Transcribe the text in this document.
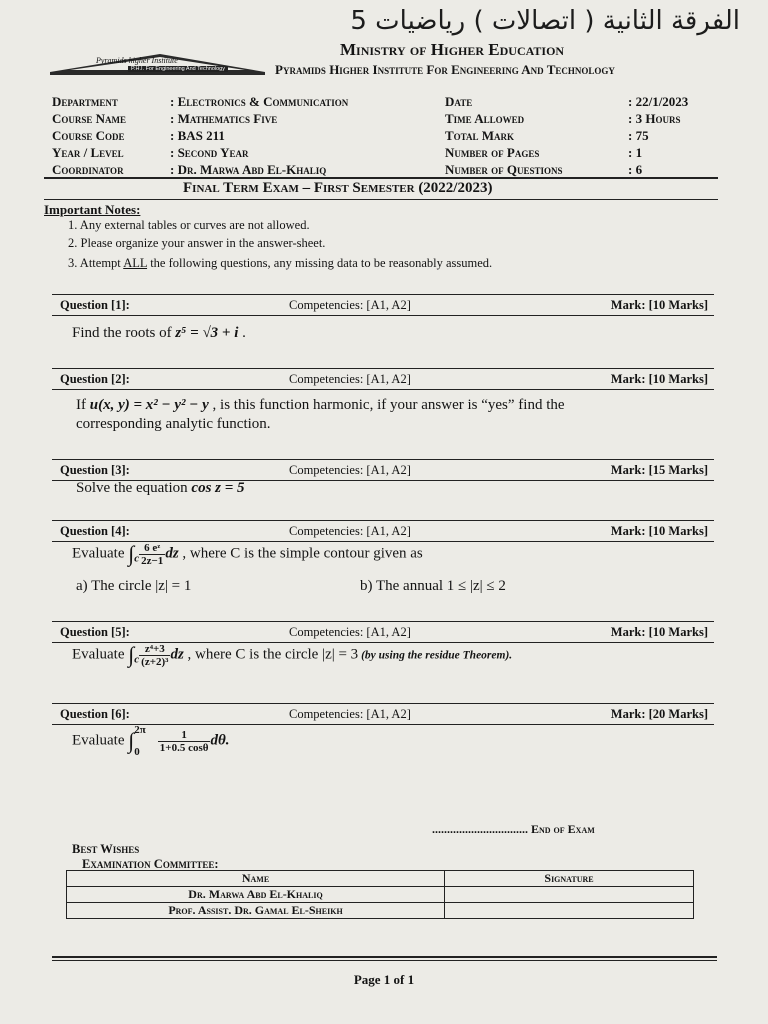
الفرقة الثانية ( اتصالات ) رياضيات 5
Pyramids higher Institute
P.H.I. For Engineering And Technology
Ministry of Higher Education
Pyramids Higher Institute For Engineering And Technology
Department	: Electronics & Communication
Course Name	: Mathematics Five
Course Code	: BAS 211
Year / Level	: Second Year
Coordinator	: Dr. Marwa Abd El-Khaliq
Date	: 22/1/2023
Time Allowed	: 3 Hours
Total Mark	: 75
Number of Pages	: 1
Number of Questions	: 6
Final Term Exam – First Semester (2022/2023)
Important Notes:
1. Any external tables or curves are not allowed.
2. Please organize your answer in the answer-sheet.
3. Attempt ALL the following questions, any missing data to be reasonably assumed.
Question [1]:	Competencies: [A1, A2]	Mark: [10 Marks]
Find the roots of z⁵ = √3 + i .
Question [2]:	Competencies: [A1, A2]	Mark: [10 Marks]
If u(x, y) = x² − y² − y , is this function harmonic, if your answer is “yes” find the
corresponding analytic function.
Question [3]:	Competencies: [A1, A2]	Mark: [15 Marks]
Solve the equation cos z = 5
Question [4]:	Competencies: [A1, A2]	Mark: [10 Marks]
Evaluate $\int_c \frac{\text{6 eᶻ}}{2z-1}$ dz , where C is the simple contour given as
a) The circle |z| = 1	b) The annual 1 ≤ |z| ≤ 2
Question [5]:	Competencies: [A1, A2]	Mark: [10 Marks]
Evaluate $\int_c \frac{\text{z⁴+3}}{\text{(z+2)³}}$ dz , where C is the circle |z| = 3 (by using the residue Theorem).
Question [6]:	Competencies: [A1, A2]	Mark: [20 Marks]
Evaluate ∫ 2π
0	$\frac{1}{1+0.5 \cos\theta} d\theta$.
................................ End of Exam
Best Wishes
Examination Committee:
Name	Signature
Dr. Marwa Abd El-Khaliq	
Prof. Assist. Dr. Gamal El-Sheikh	
Page 1 of 1
